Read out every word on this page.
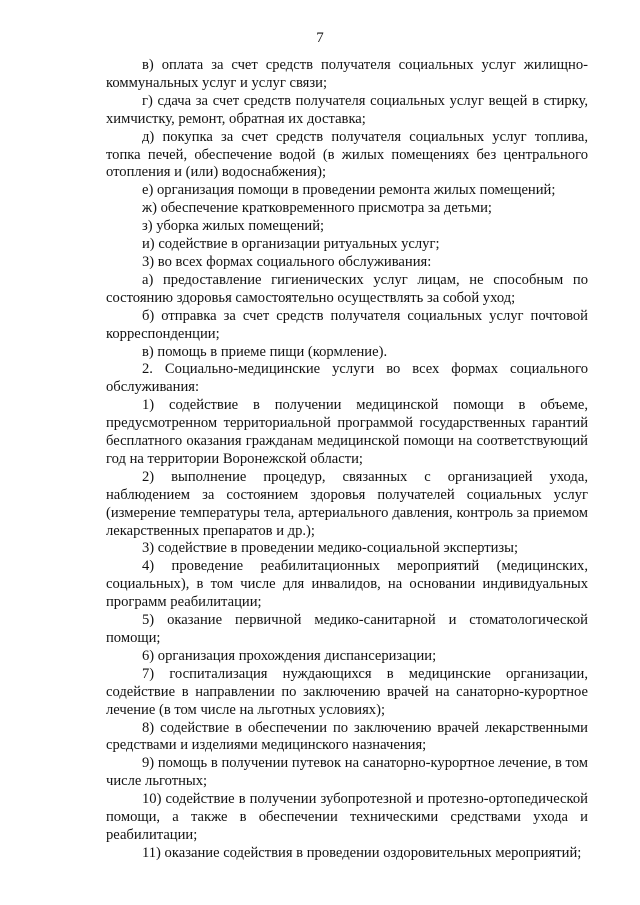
7

в) оплата за счет средств получателя социальных услуг жилищно-коммунальных услуг и услуг связи;

г) сдача за счет средств получателя социальных услуг вещей в стирку, химчистку, ремонт, обратная их доставка;

д) покупка за счет средств получателя социальных услуг топлива, топка печей, обеспечение водой (в жилых помещениях без центрального отопления и (или) водоснабжения);

е) организация помощи в проведении ремонта жилых помещений;

ж) обеспечение кратковременного присмотра за детьми;

з) уборка жилых помещений;

и) содействие в организации ритуальных услуг;

3) во всех формах социального обслуживания:

а) предоставление гигиенических услуг лицам, не способным по состоянию здоровья самостоятельно осуществлять за собой уход;

б) отправка за счет средств получателя социальных услуг почтовой корреспонденции;

в) помощь в приеме пищи (кормление).

2. Социально-медицинские услуги во всех формах социального обслуживания:

1) содействие в получении медицинской помощи в объеме, предусмотренном территориальной программой государственных гарантий бесплатного оказания гражданам медицинской помощи на соответствующий год на территории Воронежской области;

2) выполнение процедур, связанных с организацией ухода, наблюдением за состоянием здоровья получателей социальных услуг (измерение температуры тела, артериального давления, контроль за приемом лекарственных препаратов и др.);

3) содействие в проведении медико-социальной экспертизы;

4) проведение реабилитационных мероприятий (медицинских, социальных), в том числе для инвалидов, на основании индивидуальных программ реабилитации;

5) оказание первичной медико-санитарной и стоматологической помощи;

6) организация прохождения диспансеризации;

7) госпитализация нуждающихся в медицинские организации, содействие в направлении по заключению врачей на санаторно-курортное лечение (в том числе на льготных условиях);

8) содействие в обеспечении по заключению врачей лекарственными средствами и изделиями медицинского назначения;

9) помощь в получении путевок на санаторно-курортное лечение, в том числе льготных;

10) содействие в получении зубопротезной и протезно-ортопедической помощи, а также в обеспечении техническими средствами ухода и реабилитации;

11) оказание содействия в проведении оздоровительных мероприятий;
